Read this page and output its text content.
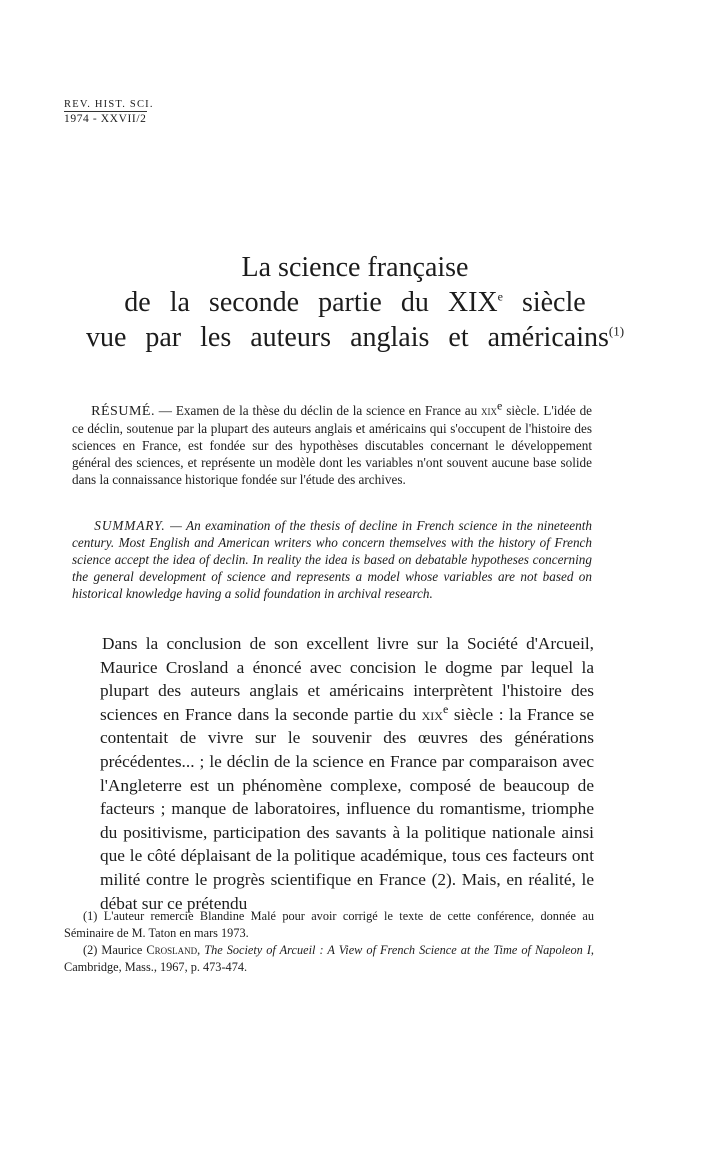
REV. HIST. SCI.
1974 - XXVII/2
La science française
de la seconde partie du XIXe siècle
vue par les auteurs anglais et américains$^{(1)}$
RÉSUMÉ. — Examen de la thèse du déclin de la science en France au xix$^e$ siècle. L'idée de ce déclin, soutenue par la plupart des auteurs anglais et américains qui s'occupent de l'histoire des sciences en France, est fondée sur des hypothèses discutables concernant le développement général des sciences, et représente un modèle dont les variables n'ont souvent aucune base solide dans la connaissance historique fondée sur l'étude des archives.
SUMMARY. — An examination of the thesis of decline in French science in the nineteenth century. Most English and American writers who concern themselves with the history of French science accept the idea of declin. In reality the idea is based on debatable hypotheses concerning the general development of science and represents a model whose variables are not based on historical knowledge having a solid foundation in archival research.

Dans la conclusion de son excellent livre sur la Société d'Arcueil, Maurice Crosland a énoncé avec concision le dogme par lequel la plupart des auteurs anglais et américains interprètent l'histoire des sciences en France dans la seconde partie du xix$^e$ siècle : la France se contentait de vivre sur le souvenir des œuvres des générations précédentes... ; le déclin de la science en France par comparaison avec l'Angleterre est un phénomène complexe, composé de beaucoup de facteurs ; manque de laboratoires, influence du romantisme, triomphe du positivisme, participation des savants à la politique nationale ainsi que le côté déplaisant de la politique académique, tous ces facteurs ont milité contre le progrès scientifique en France (2). Mais, en réalité, le débat sur ce prétendu

(1) L'auteur remercie Blandine Malé pour avoir corrigé le texte de cette conférence, donnée au Séminaire de M. Taton en mars 1973.

(2) Maurice Crosland, The Society of Arcueil : A View of French Science at the Time of Napoleon I, Cambridge, Mass., 1967, p. 473-474.
